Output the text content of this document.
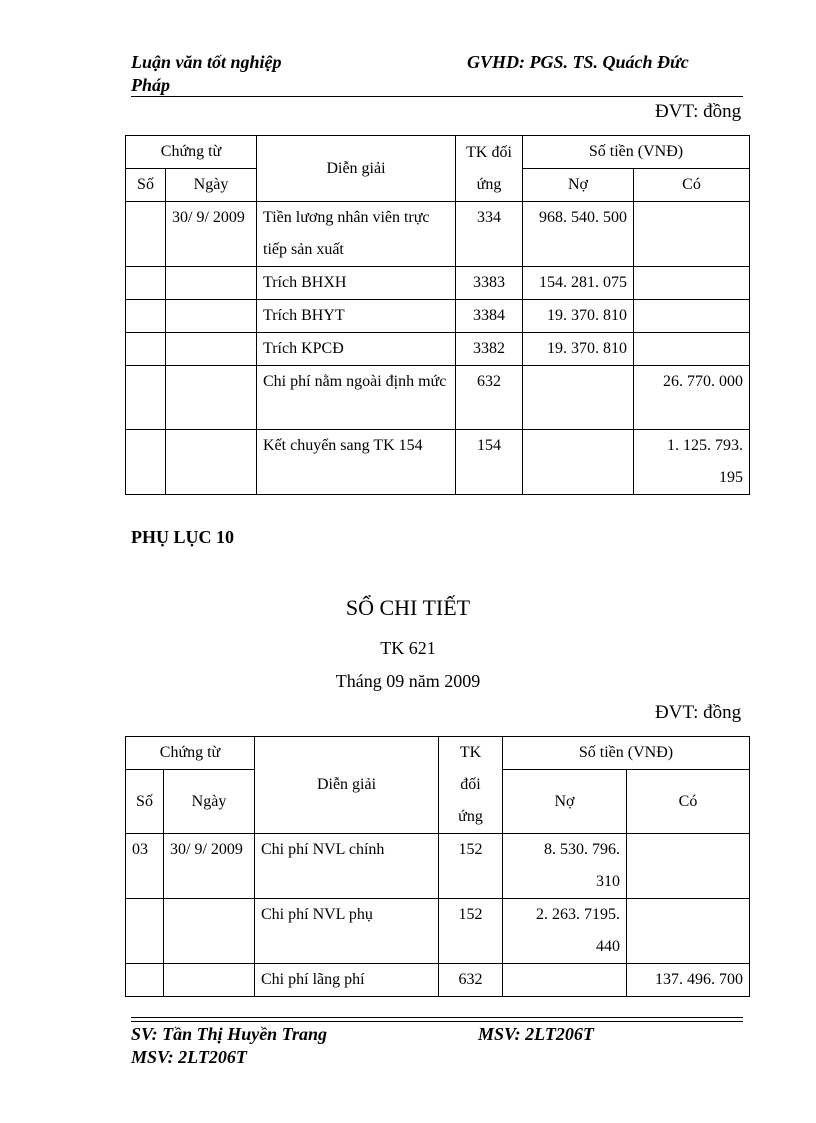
Luận văn tốt nghiệp	GVHD: PGS. TS. Quách Đức
Pháp
ĐVT: đồng
Chứng từ		Diễn giải	TK đối ứng	Số tiền (VNĐ)	
Số	Ngày			Nợ	Có
	30/ 9/ 2009	Tiền lương nhân viên trực tiếp sản xuất	334	968. 540. 500	
		Trích BHXH	3383	154. 281. 075	
		Trích BHYT	3384	19. 370. 810	
		Trích KPCĐ	3382	19. 370. 810	
		Chi phí nằm ngoài định mức	632		26. 770. 000
		Kết chuyển sang TK 154	154		1. 125. 793. 195
PHỤ LỤC 10
SỔ CHI TIẾT
TK 621
Tháng 09 năm 2009
ĐVT: đồng
Chứng từ		Diễn giải	TK đối ứng	Số tiền (VNĐ)	
Số	Ngày			Nợ	Có
03	30/ 9/ 2009	Chi phí NVL chính	152	8. 530. 796. 310	
		Chi phí NVL phụ	152	2. 263. 7195. 440	
		Chi phí lãng phí	632		137. 496. 700
SV: Tần Thị Huyền Trang	MSV: 2LT206T
MSV: 2LT206T
